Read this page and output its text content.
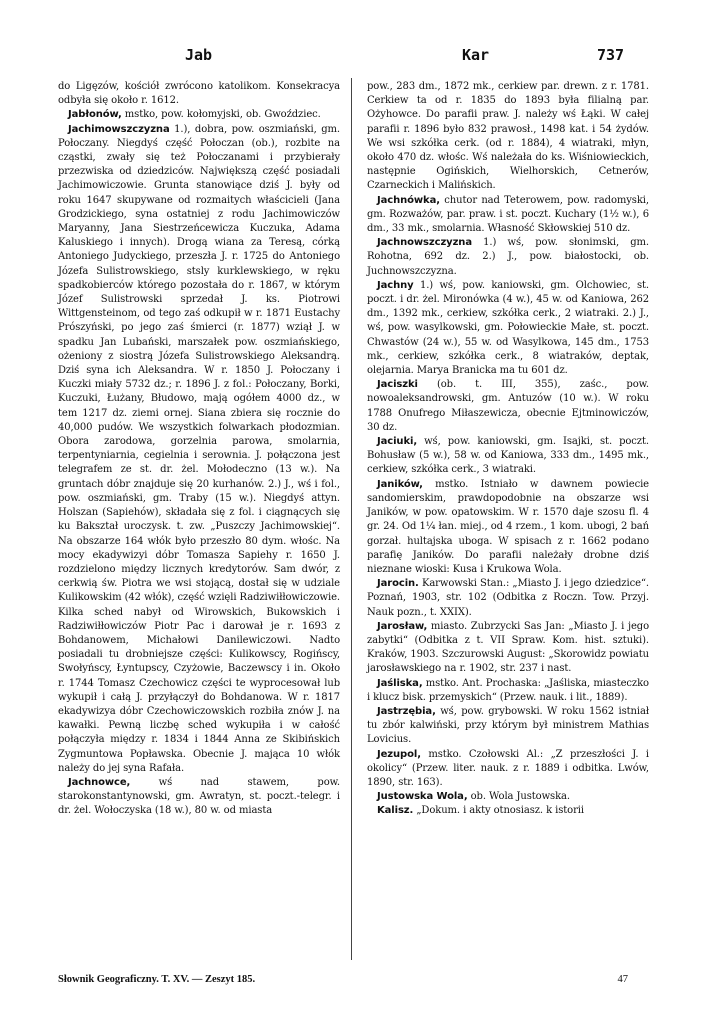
Jab	Kar	737

do Ligęzów, kościół zwrócono katolikom. Konsekracya odbyła się około r. 1612.

Jabłonów, mstko, pow. kołomyjski, ob. Gwoździec.

Jachimowszczyzna 1.), dobra, pow. oszmiański, gm. Połoczany. Niegdyś część Połoczan (ob.), rozbite na cząstki, zwały się też Połoczanami i przybierały przezwiska od dziedziców. Największą część posiadali Jachimowiczowie. Grunta stanowiące dziś J. były od roku 1647 skupywane od rozmaitych właścicieli (Jana Grodzickiego, syna ostatniej z rodu Jachimowiczów Maryanny, Jana Siestrzeńcewicza Kuczuka, Adama Kaluskiego i innych). Drogą wiana za Teresą, córką Antoniego Judyckiego, przeszła J. r. 1725 do Antoniego Józefa Sulistrowskiego, stsly kurklewskiego, w ręku spadkobierców którego pozostała do r. 1867, w którym Józef Sulistrowski sprzedał J. ks. Piotrowi Wittgensteinom, od tego zaś odkupił w r. 1871 Eustachy Prószyński, po jego zaś śmierci (r. 1877) wziął J. w spadku Jan Lubański, marszałek pow. oszmiańskiego, ożeniony z siostrą Józefa Sulistrowskiego Aleksandrą. Dziś syna ich Aleksandra. W r. 1850 J. Połoczany i Kuczki miały 5732 dz.; r. 1896 J. z fol.: Połoczany, Borki, Kuczuki, Łużany, Błudowo, mają ogółem 4000 dz., w tem 1217 dz. ziemi ornej. Siana zbiera się rocznie do 40,000 pudów. We wszystkich folwarkach płodozmian. Obora zarodowa, gorzelnia parowa, smolarnia, terpentyniarnia, cegielnia i serownia. J. połączona jest telegrafem ze st. dr. żel. Mołodeczno (13 w.). Na gruntach dóbr znajduje się 20 kurhanów. 2.) J., wś i fol., pow. oszmiański, gm. Traby (15 w.). Niegdyś attyn. Holszan (Sapiehów), składała się z fol. i ciągnących się ku Bakształ uroczysk. t. zw. „Puszczy Jachimowskiej“. Na obszarze 164 włók było przeszło 80 dym. włośc. Na mocy ekadywizyi dóbr Tomasza Sapiehy r. 1650 J. rozdzielono między licznych kredytorów. Sam dwór, z cerkwią św. Piotra we wsi stojącą, dostał się w udziale Kulikowskim (42 włók), część wzięli Radziwiłłowiczowie. Kilka sched nabył od Wirowskich, Bukowskich i Radziwiłłowiczów Piotr Pac i darował je r. 1693 z Bohdanowem, Michałowi Danilewiczowi. Nadto posiadali tu drobniejsze części: Kulikowscy, Rogińscy, Swołyńscy, Łyntupscy, Czyżowie, Baczewscy i in. Około r. 1744 Tomasz Czechowicz części te wyprocesował lub wykupił i całą J. przyłączył do Bohdanowa. W r. 1817 ekadywizya dóbr Czechowiczowskich rozbiła znów J. na kawałki. Pewną liczbę sched wykupiła i w całość połączyła między r. 1834 i 1844 Anna ze Skibińskich Zygmuntowa Popławska. Obecnie J. mająca 10 włók należy do jej syna Rafała.

Jachnowce,	wś nad stawem, pow. starokonstantynowski, gm. Awratyn, st. poczt.-telegr. i dr. żel. Wołoczyska (18 w.), 80 w. od miasta

pow., 283 dm., 1872 mk., cerkiew par. drewn. z r. 1781. Cerkiew ta od r. 1835 do 1893 była filialną par. Ożyhowce. Do parafii praw. J. należy wś Łąki. W całej parafii r. 1896 było 832 prawosł., 1498 kat. i 54 żydów. We wsi szkółka cerk. (od r. 1884), 4 wiatraki, młyn, około 470 dz. włośc. Wś należała do ks. Wiśniowieckich, następnie Ogińskich, Wielhorskich, Cetnerów, Czarneckich i Malińskich.

Jachnówka, chutor nad Teterowem, pow. radomyski, gm. Rozważów, par. praw. i st. poczt. Kuchary (1½ w.), 6 dm., 33 mk., smolarnia. Własność Skłowskiej 510 dz.

Jachnowszczyzna 1.) wś, pow. słonimski, gm. Rohotna, 692 dz. 2.) J., pow. białostocki, ob. Juchnowszczyzna.

Jachny 1.) wś, pow. kaniowski, gm. Olchowiec, st. poczt. i dr. żel. Mironówka (4 w.), 45 w. od Kaniowa, 262 dm., 1392 mk., cerkiew, szkółka cerk., 2 wiatraki. 2.) J., wś, pow. wasylkowski, gm. Połowieckie Małe, st. poczt. Chwastów (24 w.), 55 w. od Wasylkowa, 145 dm., 1753 mk., cerkiew, szkółka cerk., 8 wiatraków, deptak, olejarnia. Marya Branicka ma tu 601 dz.

Jaciszki (ob. t. III, 355), zaśc., pow. nowoaleksandrowski, gm. Antuzów (10 w.). W roku 1788 Onufrego Miłaszewicza, obecnie Ejtminowiczów, 30 dz.

Jaciuki, wś, pow. kaniowski, gm. Isajki, st. poczt. Bohusław (5 w.), 58 w. od Kaniowa, 333 dm., 1495 mk., cerkiew, szkółka cerk., 3 wiatraki.

Janików, mstko. Istniało w dawnem powiecie sandomierskim, prawdopodobnie na obszarze wsi Janików, w pow. opatowskim. W r. 1570 daje szosu fl. 4 gr. 24. Od 1¼ łan. miej., od 4 rzem., 1 kom. ubogi, 2 bań gorzał. hultajska uboga. W spisach z r. 1662 podano parafię Janików. Do parafii należały drobne dziś nieznane wioski: Kusa i Krukowa Wola.

Jarocin. Karwowski Stan.: „Miasto J. i jego dziedzice“. Poznań, 1903, str. 102 (Odbitka z Roczn. Tow. Przyj. Nauk pozn., t. XXIX).

Jarosław, miasto. Zubrzycki Sas Jan: „Miasto J. i jego zabytki“ (Odbitka z t. VII Spraw. Kom. hist. sztuki). Kraków, 1903. Szczurowski August: „Skorowidz powiatu jarosławskiego na r. 1902, str. 237 i nast.

Jaśliska, mstko. Ant. Prochaska: „Jaśliska, miasteczko i klucz bisk. przemyskich“ (Przew. nauk. i lit., 1889).

Jastrzębia, wś, pow. grybowski. W roku 1562 istniał tu zbór kalwiński, przy którym był ministrem Mathias Lovicius.

Jezupol, mstko. Czołowski Al.: „Z przeszłości J. i okolicy“ (Przew. liter. nauk. z r. 1889 i odbitka. Lwów, 1890, str. 163).

Justowska Wola, ob. Wola Justowska.

Kalisz. „Dokum. i akty otnosiasz. k istorii

Słownik Geograficzny. T. XV. — Zeszyt 185.	47
